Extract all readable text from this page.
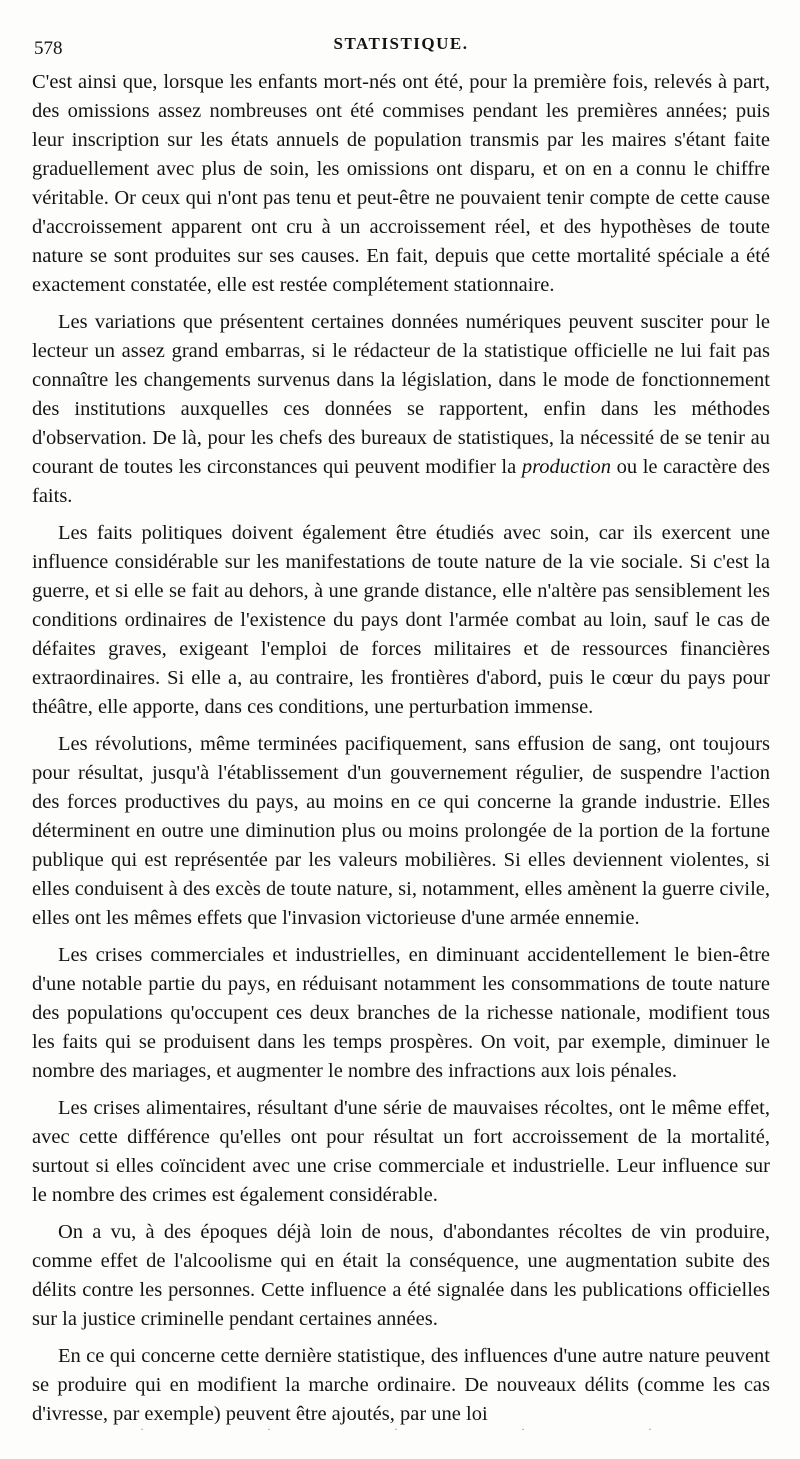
578	STATISTIQUE.

C'est ainsi que, lorsque les enfants mort-nés ont été, pour la première fois, relevés à part, des omissions assez nombreuses ont été commises pendant les premières années; puis leur inscription sur les états annuels de population transmis par les maires s'étant faite graduellement avec plus de soin, les omissions ont disparu, et on en a connu le chiffre véritable. Or ceux qui n'ont pas tenu et peut-être ne pouvaient tenir compte de cette cause d'accroissement apparent ont cru à un accroissement réel, et des hypothèses de toute nature se sont produites sur ses causes. En fait, depuis que cette mortalité spéciale a été exactement constatée, elle est restée complétement stationnaire.

Les variations que présentent certaines données numériques peuvent susciter pour le lecteur un assez grand embarras, si le rédacteur de la statistique officielle ne lui fait pas connaître les changements survenus dans la législation, dans le mode de fonctionnement des institutions auxquelles ces données se rapportent, enfin dans les méthodes d'observation. De là, pour les chefs des bureaux de statistiques, la nécessité de se tenir au courant de toutes les circonstances qui peuvent modifier la production ou le caractère des faits.

Les faits politiques doivent également être étudiés avec soin, car ils exercent une influence considérable sur les manifestations de toute nature de la vie sociale. Si c'est la guerre, et si elle se fait au dehors, à une grande distance, elle n'altère pas sensiblement les conditions ordinaires de l'existence du pays dont l'armée combat au loin, sauf le cas de défaites graves, exigeant l'emploi de forces militaires et de ressources financières extraordinaires. Si elle a, au contraire, les frontières d'abord, puis le cœur du pays pour théâtre, elle apporte, dans ces conditions, une perturbation immense.

Les révolutions, même terminées pacifiquement, sans effusion de sang, ont toujours pour résultat, jusqu'à l'établissement d'un gouvernement régulier, de suspendre l'action des forces productives du pays, au moins en ce qui concerne la grande industrie. Elles déterminent en outre une diminution plus ou moins prolongée de la portion de la fortune publique qui est représentée par les valeurs mobilières. Si elles deviennent violentes, si elles conduisent à des excès de toute nature, si, notamment, elles amènent la guerre civile, elles ont les mêmes effets que l'invasion victorieuse d'une armée ennemie.

Les crises commerciales et industrielles, en diminuant accidentellement le bien-être d'une notable partie du pays, en réduisant notamment les consommations de toute nature des populations qu'occupent ces deux branches de la richesse nationale, modifient tous les faits qui se produisent dans les temps prospères. On voit, par exemple, diminuer le nombre des mariages, et augmenter le nombre des infractions aux lois pénales.

Les crises alimentaires, résultant d'une série de mauvaises récoltes, ont le même effet, avec cette différence qu'elles ont pour résultat un fort accroissement de la mortalité, surtout si elles coïncident avec une crise commerciale et industrielle. Leur influence sur le nombre des crimes est également considérable.

On a vu, à des époques déjà loin de nous, d'abondantes récoltes de vin produire, comme effet de l'alcoolisme qui en était la conséquence, une augmentation subite des délits contre les personnes. Cette influence a été signalée dans les publications officielles sur la justice criminelle pendant certaines années.

En ce qui concerne cette dernière statistique, des influences d'une autre nature peuvent se produire qui en modifient la marche ordinaire. De nouveaux délits (comme les cas d'ivresse, par exemple) peuvent être ajoutés, par une loi

· · · · ·
